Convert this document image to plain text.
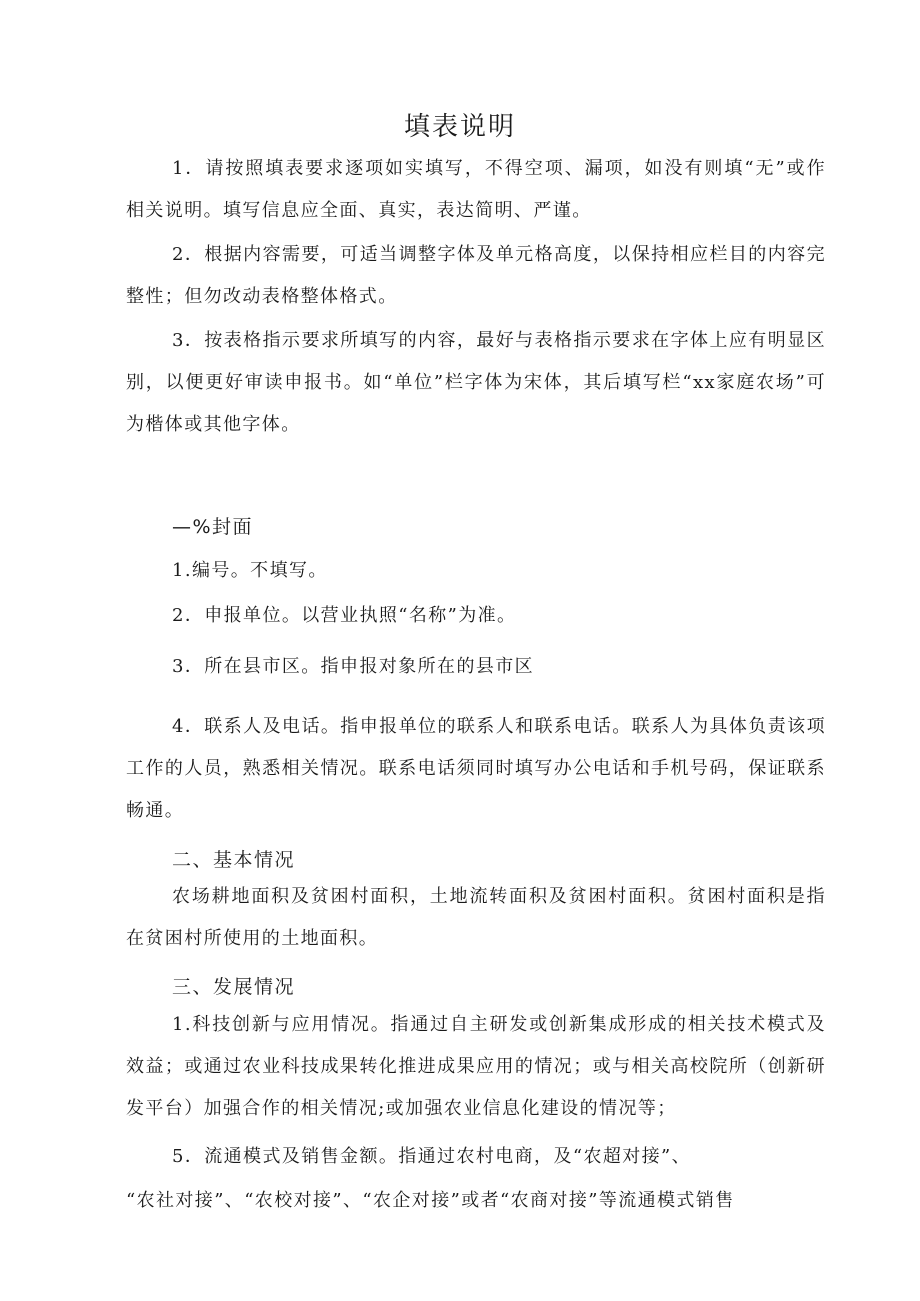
填表说明
1．请按照填表要求逐项如实填写，不得空项、漏项，如没有则填“无”或作相关说明。填写信息应全面、真实，表达简明、严谨。
2．根据内容需要，可适当调整字体及单元格高度，以保持相应栏目的内容完整性；但勿改动表格整体格式。
3．按表格指示要求所填写的内容，最好与表格指示要求在字体上应有明显区别，以便更好审读申报书。如“单位”栏字体为宋体，其后填写栏“xx家庭农场”可为楷体或其他字体。
—%封面
1.编号。不填写。
2．申报单位。以营业执照“名称”为准。
3．所在县市区。指申报对象所在的县市区
4．联系人及电话。指申报单位的联系人和联系电话。联系人为具体负责该项工作的人员，熟悉相关情况。联系电话须同时填写办公电话和手机号码，保证联系畅通。
二、基本情况
农场耕地面积及贫困村面积，土地流转面积及贫困村面积。贫困村面积是指在贫困村所使用的土地面积。
三、发展情况
1.科技创新与应用情况。指通过自主研发或创新集成形成的相关技术模式及效益；或通过农业科技成果转化推进成果应用的情况；或与相关高校院所（创新研发平台）加强合作的相关情况;或加强农业信息化建设的情况等；
5．流通模式及销售金额。指通过农村电商，及“农超对接”、
“农社对接”、“农校对接”、“农企对接”或者“农商对接”等流通模式销售
